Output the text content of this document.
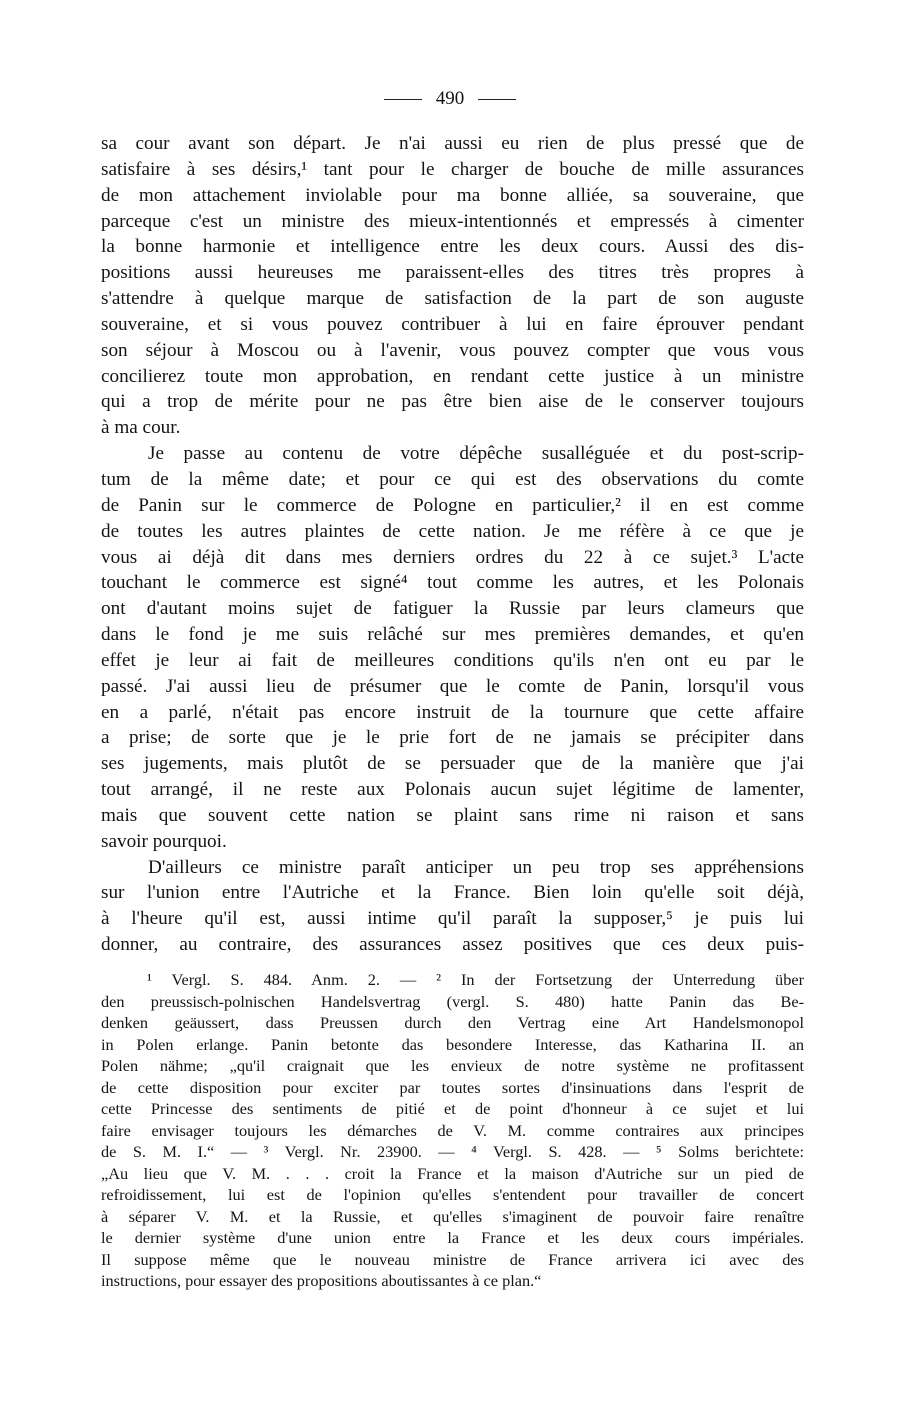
490
sa cour avant son départ. Je n'ai aussi eu rien de plus pressé que de
satisfaire à ses désirs,¹ tant pour le charger de bouche de mille assurances
de mon attachement inviolable pour ma bonne alliée, sa souveraine, que
parceque c'est un ministre des mieux-intentionnés et empressés à cimenter
la bonne harmonie et intelligence entre les deux cours. Aussi des dis-
positions aussi heureuses me paraissent-elles des titres très propres à
s'attendre à quelque marque de satisfaction de la part de son auguste
souveraine, et si vous pouvez contribuer à lui en faire éprouver pendant
son séjour à Moscou ou à l'avenir, vous pouvez compter que vous vous
concilierez toute mon approbation, en rendant cette justice à un ministre
qui a trop de mérite pour ne pas être bien aise de le conserver toujours
à ma cour.
Je passe au contenu de votre dépêche susalléguée et du post-scrip-
tum de la même date; et pour ce qui est des observations du comte
de Panin sur le commerce de Pologne en particulier,² il en est comme
de toutes les autres plaintes de cette nation. Je me réfère à ce que je
vous ai déjà dit dans mes derniers ordres du 22 à ce sujet.³ L'acte
touchant le commerce est signé⁴ tout comme les autres, et les Polonais
ont d'autant moins sujet de fatiguer la Russie par leurs clameurs que
dans le fond je me suis relâché sur mes premières demandes, et qu'en
effet je leur ai fait de meilleures conditions qu'ils n'en ont eu par le
passé. J'ai aussi lieu de présumer que le comte de Panin, lorsqu'il vous
en a parlé, n'était pas encore instruit de la tournure que cette affaire
a prise; de sorte que je le prie fort de ne jamais se précipiter dans
ses jugements, mais plutôt de se persuader que de la manière que j'ai
tout arrangé, il ne reste aux Polonais aucun sujet légitime de lamenter,
mais que souvent cette nation se plaint sans rime ni raison et sans
savoir pourquoi.
D'ailleurs ce ministre paraît anticiper un peu trop ses appréhensions
sur l'union entre l'Autriche et la France. Bien loin qu'elle soit déjà,
à l'heure qu'il est, aussi intime qu'il paraît la supposer,⁵ je puis lui
donner, au contraire, des assurances assez positives que ces deux puis-
¹ Vergl. S. 484. Anm. 2. — ² In der Fortsetzung der Unterredung über
den preussisch-polnischen Handelsvertrag (vergl. S. 480) hatte Panin das Be-
denken geäussert, dass Preussen durch den Vertrag eine Art Handelsmonopol
in Polen erlange. Panin betonte das besondere Interesse, das Katharina II. an
Polen nähme; „qu'il craignait que les envieux de notre système ne profitassent
de cette disposition pour exciter par toutes sortes d'insinuations dans l'esprit de
cette Princesse des sentiments de pitié et de point d'honneur à ce sujet et lui
faire envisager toujours les démarches de V. M. comme contraires aux principes
de S. M. I.“ — ³ Vergl. Nr. 23900. — ⁴ Vergl. S. 428. — ⁵ Solms berichtete:
„Au lieu que V. M. . . . croit la France et la maison d'Autriche sur un pied de
refroidissement, lui est de l'opinion qu'elles s'entendent pour travailler de concert
à séparer V. M. et la Russie, et qu'elles s'imaginent de pouvoir faire renaître
le dernier système d'une union entre la France et les deux cours impériales.
Il suppose même que le nouveau ministre de France arrivera ici avec des
instructions, pour essayer des propositions aboutissantes à ce plan.“
